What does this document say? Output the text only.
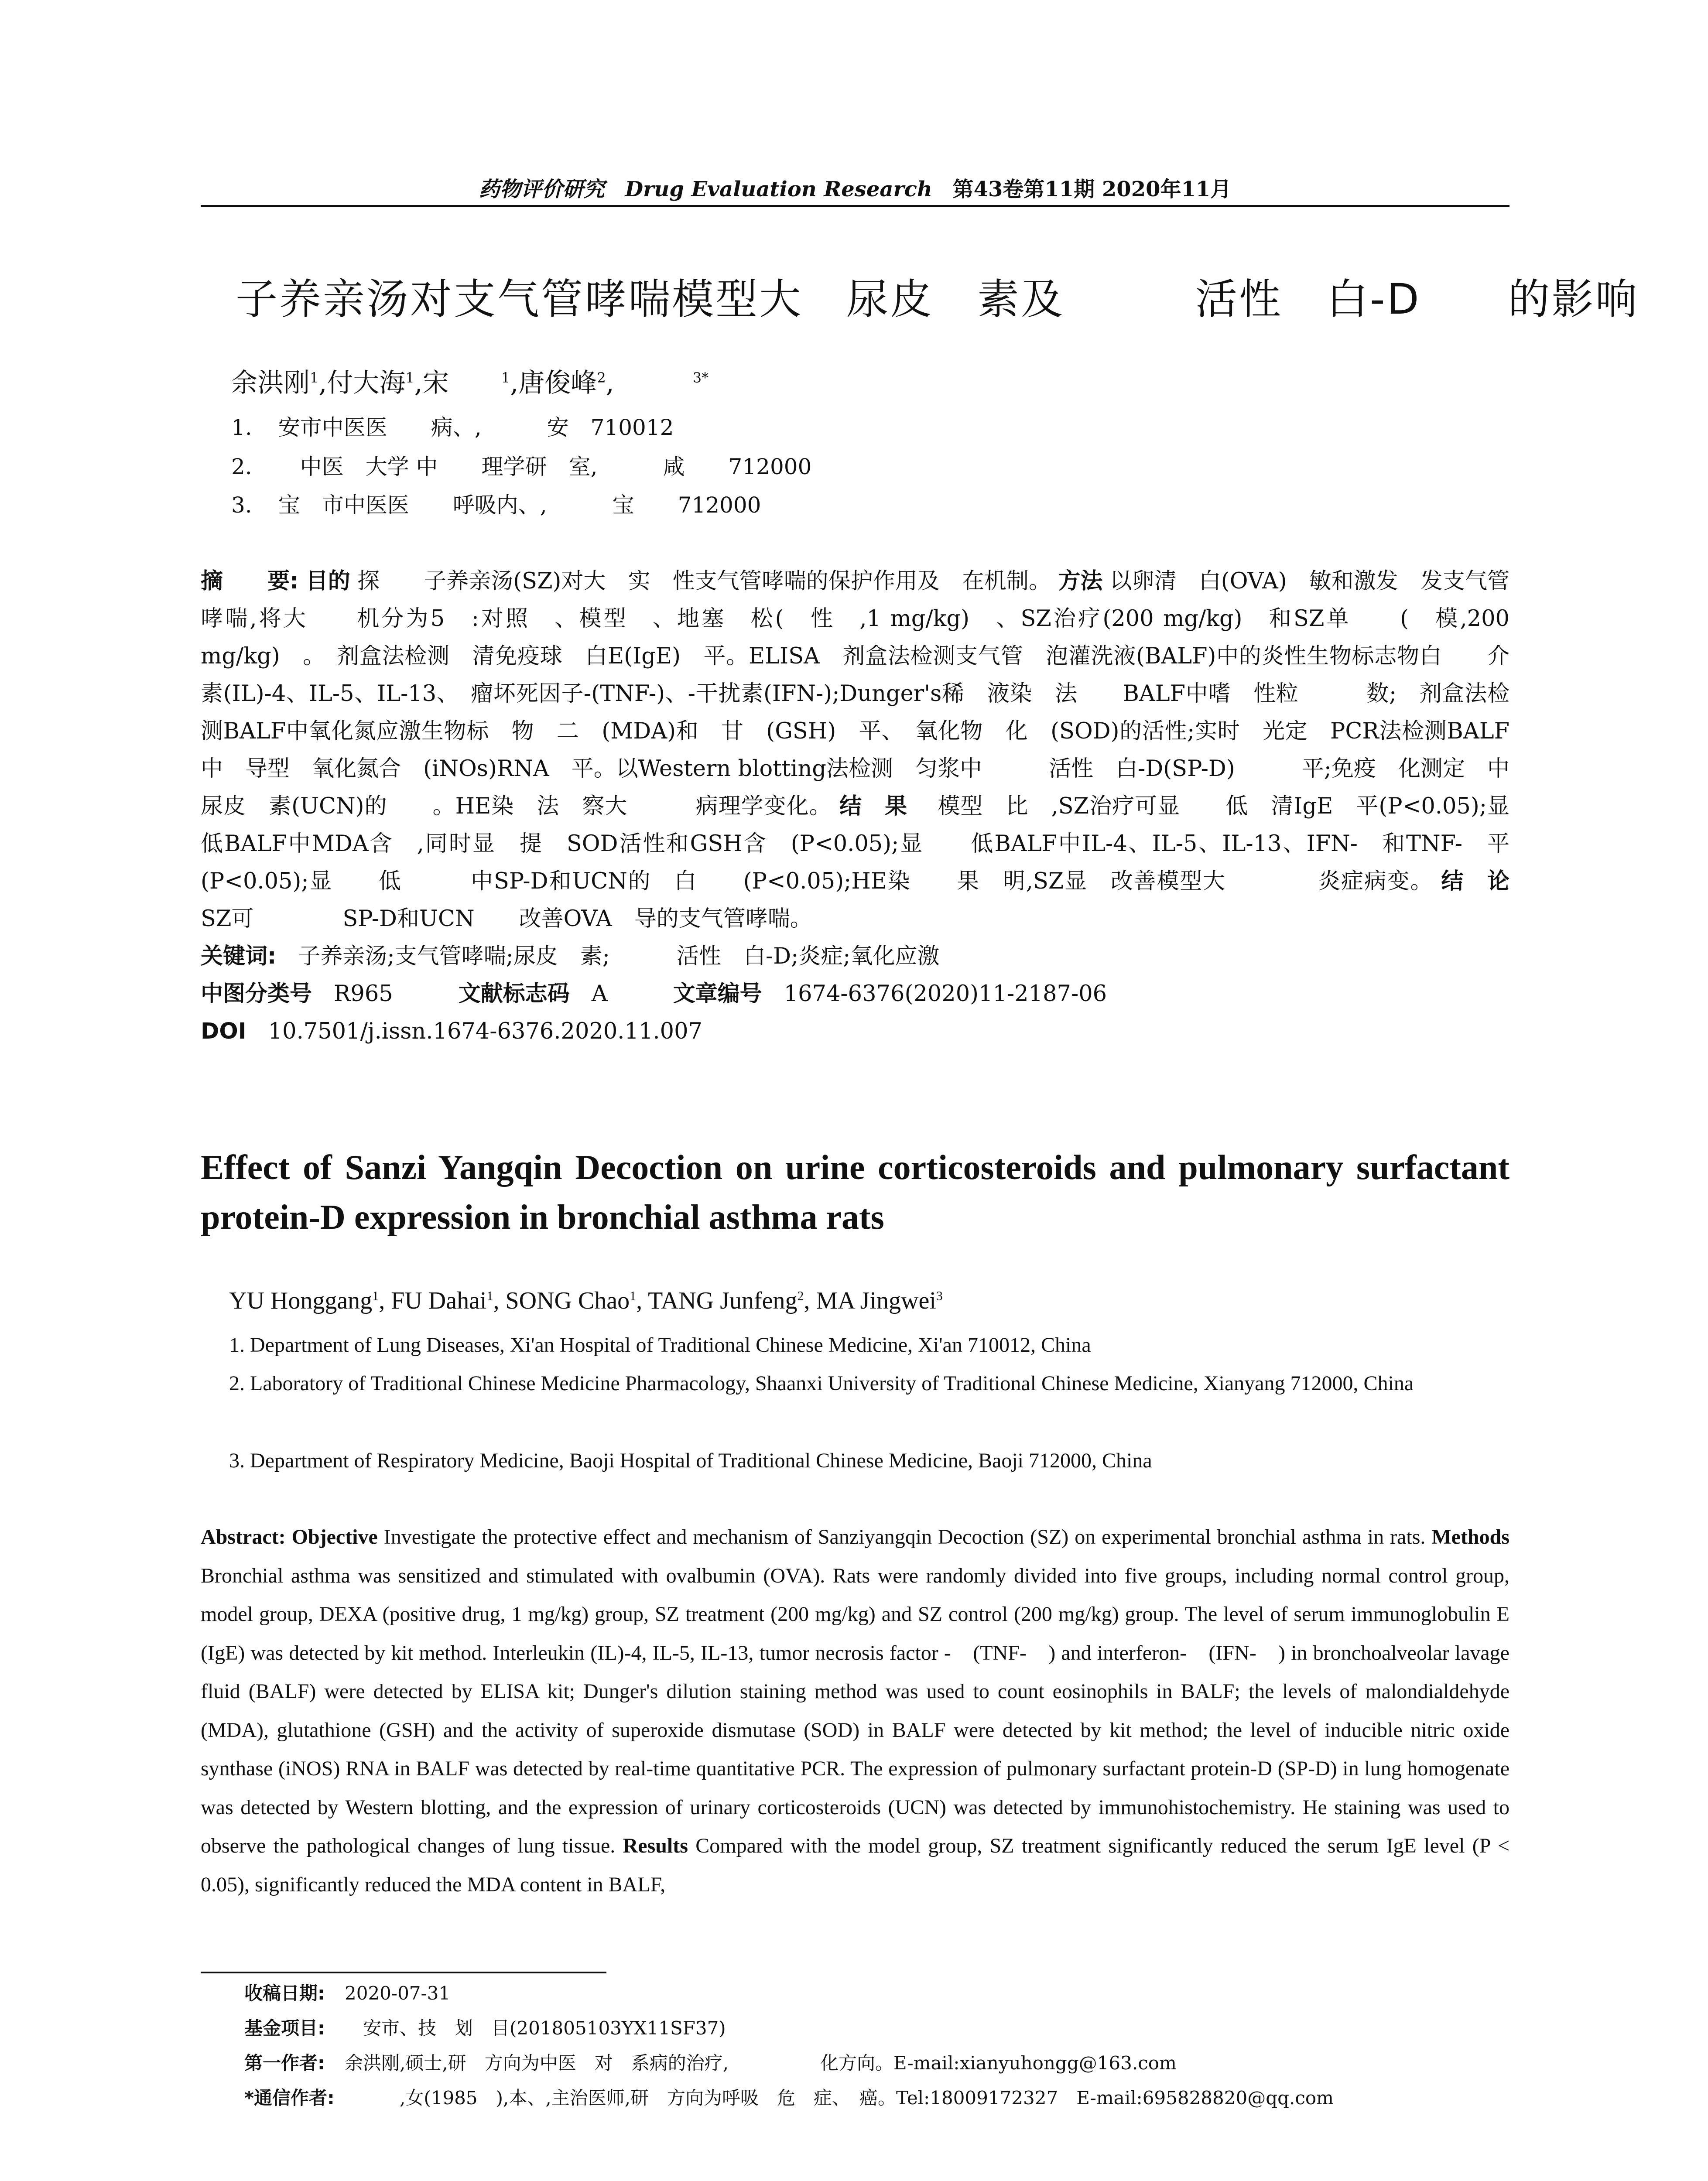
药物评价研究 Drug Evaluation Research 第43卷第11期 2020年11月
子养亲汤对支气管哮喘模型大　尿皮　素及　　　活性　白-D　　的影响
余洪刚$^1$,付大海$^1$,宋　　$^1$,唐俊峰$^2$,　　　	$^{3*}$
1. 安市中医医　　病、,　　　安　710012
2.　中医　大学 中　　理学研　室,　　　咸　　712000
3. 宝　市中医医　　呼吸内、,　　　宝　　712000
摘　　要: 目的 探　　子养亲汤(SZ)对大　实　性支气管哮喘的保护作用及　在机制。 方法 以卵清　白(OVA)　敏和激发　发支气管哮喘,将大　　机分为5　:对照　、模型　、地塞　松(　性　,1 mg/kg)　、SZ治疗(200 mg/kg)　和SZ单　　(　模,200 mg/kg)　。　剂盒法检测　清免疫球　白E(IgE)　平。ELISA　剂盒法检测支气管　泡灌洗液(BALF)中的炎性生物标志物白　　介素(IL)-4、IL-5、IL-13、　瘤坏死因子-(TNF-)、-干扰素(IFN-);Dunger's稀　液染　法　　BALF中嗜　性粒　　　数;　剂盒法检测BALF中氧化氮应激生物标　物　二　(MDA)和　甘　(GSH)　平、　氧化物　化　(SOD)的活性;实时　光定　PCR法检测BALF中　导型　氧化氮合　(iNOs)RNA　平。以Western blotting法检测　匀浆中　　　活性　白-D(SP-D)　　　平;免疫　化测定　中尿皮　素(UCN)的　　。HE染　法　察大　　　病理学变化。 结　果 　模型　比　,SZ治疗可显　　低　清IgE　平(P<0.05);显　　低BALF中MDA含　,同时显　提　SOD活性和GSH含　(P<0.05);显　　低BALF中IL-4、IL-5、IL-13、IFN-　和TNF-　平(P<0.05);显　　低　　　中SP-D和UCN的　白　　(P<0.05);HE染　　果　明,SZ显　改善模型大　　　　炎症病变。 结　论 SZ可　　　　SP-D和UCN　　改善OVA　导的支气管哮喘。
关键词: 子养亲汤;支气管哮喘;尿皮　素;　　　活性　白-D;炎症;氧化应激
中图分类号 R965	文献标志码 A	文章编号 1674-6376(2020)11-2187-06
DOI 10.7501/j.issn.1674-6376.2020.11.007
Effect of Sanzi Yangqin Decoction on urine corticosteroids and pulmonary surfactant protein-D expression in bronchial asthma rats
YU Honggang$^1$, FU Dahai$^1$, SONG Chao$^1$, TANG Junfeng$^2$, MA Jingwei$^3$
1. Department of Lung Diseases, Xi'an Hospital of Traditional Chinese Medicine, Xi'an 710012, China
2. Laboratory of Traditional Chinese Medicine Pharmacology, Shaanxi University of Traditional Chinese Medicine, Xianyang 712000, China
3. Department of Respiratory Medicine, Baoji Hospital of Traditional Chinese Medicine, Baoji 712000, China
Abstract: Objective Investigate the protective effect and mechanism of Sanziyangqin Decoction (SZ) on experimental bronchial asthma in rats. Methods Bronchial asthma was sensitized and stimulated with ovalbumin (OVA). Rats were randomly divided into five groups, including normal control group, model group, DEXA (positive drug, 1 mg/kg) group, SZ treatment (200 mg/kg) and SZ control (200 mg/kg) group. The level of serum immunoglobulin E (IgE) was detected by kit method. Interleukin (IL)-4, IL-5, IL-13, tumor necrosis factor -　(TNF-　) and interferon-　(IFN-　) in bronchoalveolar lavage fluid (BALF) were detected by ELISA kit; Dunger's dilution staining method was used to count eosinophils in BALF; the levels of malondialdehyde (MDA), glutathione (GSH) and the activity of superoxide dismutase (SOD) in BALF were detected by kit method; the level of inducible nitric oxide synthase (iNOS) RNA in BALF was detected by real-time quantitative PCR. The expression of pulmonary surfactant protein-D (SP-D) in lung homogenate was detected by Western blotting, and the expression of urinary corticosteroids (UCN) was detected by immunohistochemistry. He staining was used to observe the pathological changes of lung tissue. Results Compared with the model group, SZ treatment significantly reduced the serum IgE level (P < 0.05), significantly reduced the MDA content in BALF,
收稿日期: 2020-07-31
基金项目:　安市、技　划　目(201805103YX11SF37)
第一作者: 余洪刚,硕士,研　方向为中医　对　系病的治疗,　　　　　化方向。E-mail:xianyuhongg@163.com
*通信作者:　　　,女(1985　),本、,主治医师,研　方向为呼吸　危　症、　癌。Tel:18009172327　E-mail:695828820@qq.com
